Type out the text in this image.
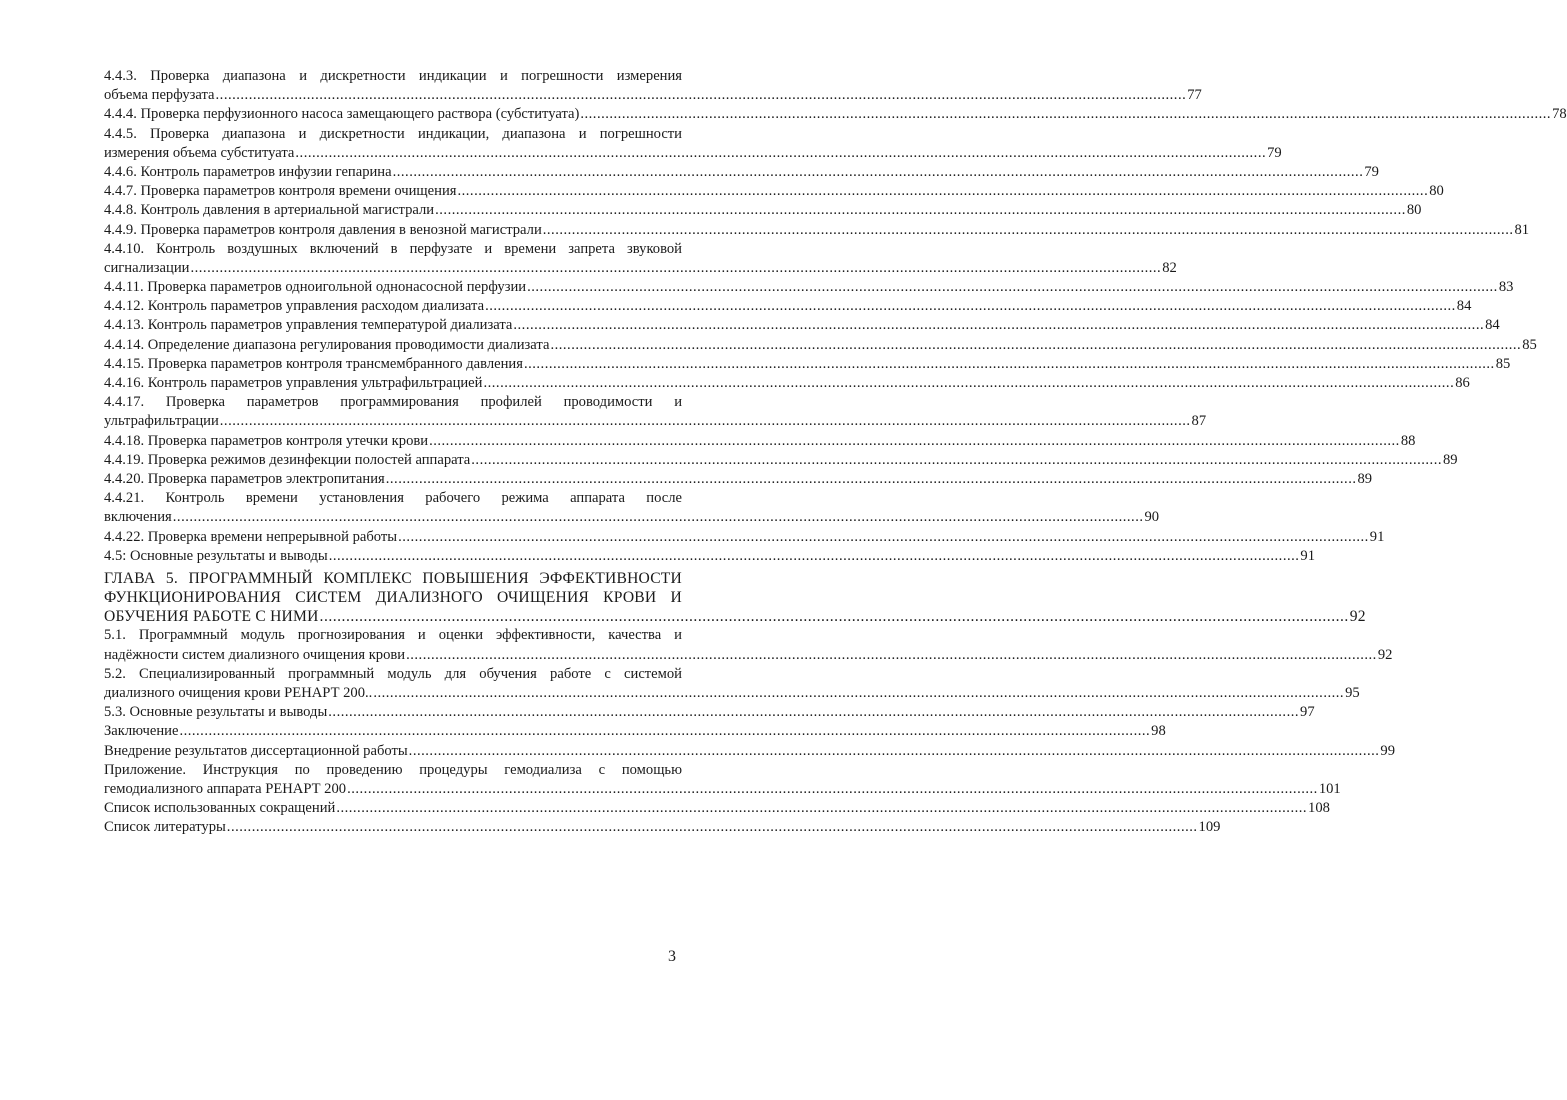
4.4.3. Проверка диапазона и дискретности индикации и погрешности измерения
объема перфузата .....	77
4.4.4. Проверка перфузионного насоса замещающего раствора (субституата) .....	78
4.4.5. Проверка диапазона и дискретности индикации, диапазона и погрешности
измерения объема субституата .....	79
4.4.6. Контроль параметров инфузии гепарина .....	79
4.4.7. Проверка параметров контроля времени очищения .....	80
4.4.8. Контроль давления в артериальной магистрали .....	80
4.4.9. Проверка параметров контроля давления в венозной магистрали .....	81
4.4.10. Контроль воздушных включений в перфузате и времени запрета звуковой
сигнализации .....	82
4.4.11. Проверка параметров одноигольной однонасосной перфузии .....	83
4.4.12. Контроль параметров управления расходом диализата .....	84
4.4.13. Контроль параметров управления температурой диализата .....	84
4.4.14. Определение диапазона регулирования проводимости диализата .....	85
4.4.15. Проверка параметров контроля трансмембранного давления .....	85
4.4.16. Контроль параметров управления ультрафильтрацией .....	86
4.4.17. Проверка параметров программирования профилей проводимости и
ультрафильтрации .....	87
4.4.18. Проверка параметров контроля утечки крови .....	88
4.4.19. Проверка режимов дезинфекции полостей аппарата .....	89
4.4.20. Проверка параметров электропитания .....	89
4.4.21. Контроль времени установления рабочего режима аппарата после
включения .....	90
4.4.22. Проверка времени непрерывной работы .....	91
4.5: Основные результаты и выводы .....	91
ГЛАВА 5. ПРОГРАММНЫЙ КОМПЛЕКС ПОВЫШЕНИЯ ЭФФЕКТИВНОСТИ
ФУНКЦИОНИРОВАНИЯ СИСТЕМ ДИАЛИЗНОГО ОЧИЩЕНИЯ КРОВИ И
ОБУЧЕНИЯ РАБОТЕ С НИМИ .....	92
5.1. Программный модуль прогнозирования и оценки эффективности, качества и
надёжности систем диализного очищения крови .....	92
5.2. Специализированный программный модуль для обучения работе с системой
диализного очищения крови РЕНАРТ 200.. .....	95
5.3. Основные результаты и выводы .....	97
Заключение .....	98
Внедрение результатов диссертационной работы .....	99
Приложение. Инструкция по проведению процедуры гемодиализа с помощью
гемодиализного аппарата РЕНАРТ 200 .....	101
Список использованных сокращений .....	108
Список литературы .....	109
3
